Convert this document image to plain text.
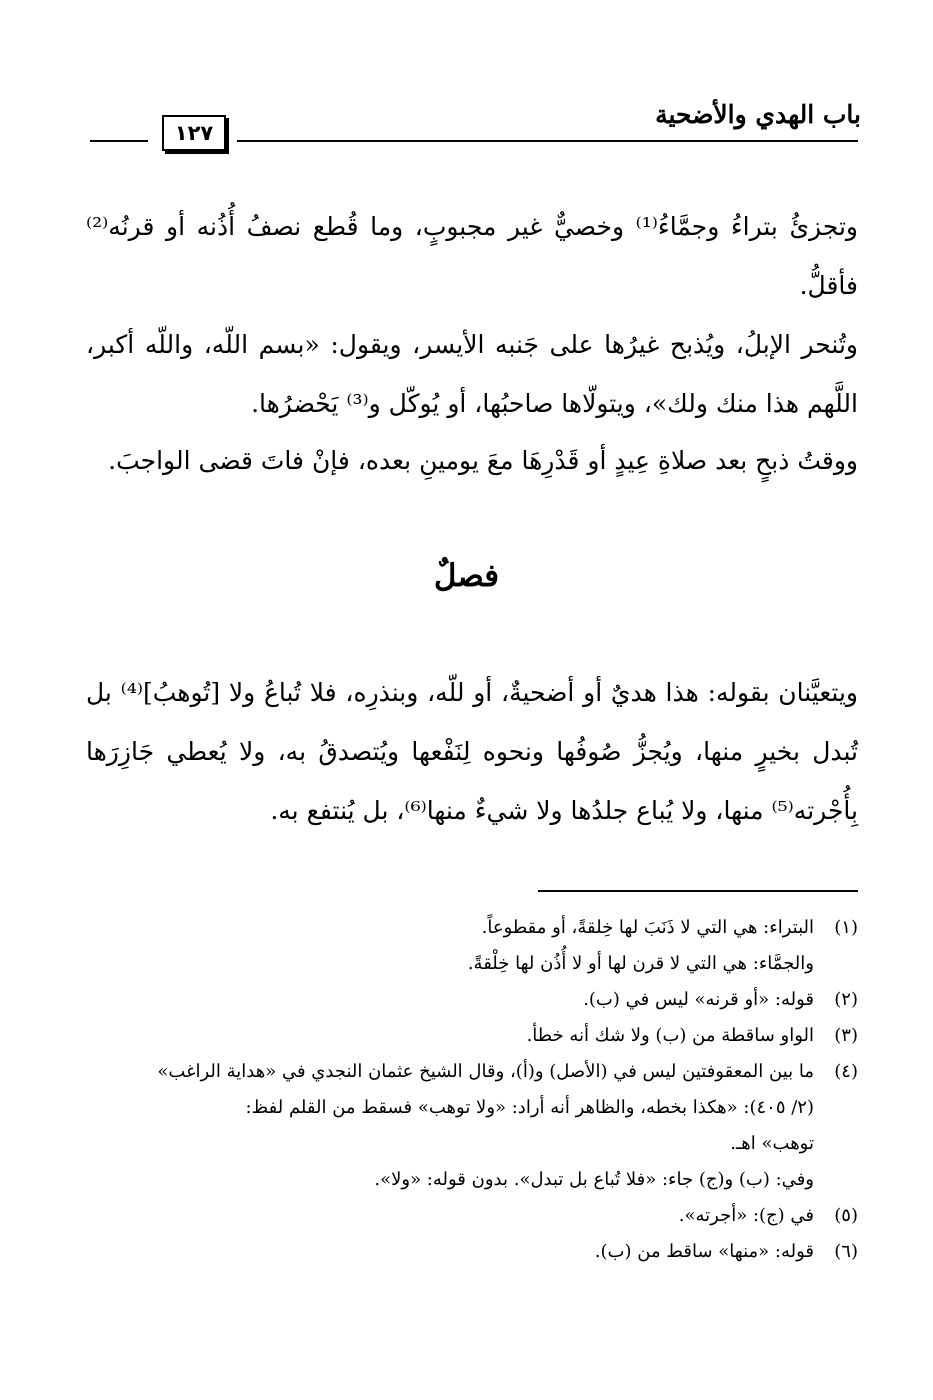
باب الهدي والأضحية
١٢٧

وتجزئُ بتراءُ وجمَّاءُ⁽¹⁾ وخصيٌّ غير مجبوبٍ، وما قُطع نصفُ أُذُنه أو قرنُه⁽²⁾ فأقلُّ.

وتُنحر الإبلُ، ويُذبح غيرُها على جَنبه الأيسر، ويقول: «بسم اللّه، واللّه أكبر، اللَّهم هذا منك ولك»، ويتولّاها صاحبُها، أو يُوكّل و⁽³⁾ يَحْضرُها.

ووقتُ ذبحٍ بعد صلاةِ عِيدٍ أو قَدْرِهَا معَ يومينِ بعده، فإنْ فاتَ قضى الواجبَ.

فصلٌ

ويتعيَّنان بقوله: هذا هديٌ أو أضحيةٌ، أو للّه، وبنذرِه، فلا تُباعُ ولا [تُوهبُ]⁽⁴⁾ بل تُبدل بخيرٍ منها، ويُجزُّ صُوفُها ونحوه لِنَفْعها ويُتصدقُ به، ولا يُعطي جَازِرَها بِأُجْرته⁽⁵⁾ منها، ولا يُباع جلدُها ولا شيءٌ منها⁽⁶⁾، بل يُنتفع به.

(١)
البتراء: هي التي لا ذَنَبَ لها خِلقةً، أو مقطوعاً.
والجمَّاء: هي التي لا قرن لها أو لا أُذُن لها خِلْقةً.
(٢)
قوله: «أو قرنه» ليس في (ب).
(٣)
الواو ساقطة من (ب) ولا شك أنه خطأ.
(٤)
ما بين المعقوفتين ليس في (الأصل) و(أ)، وقال الشيخ عثمان النجدي في «هداية الراغب»
(٢/ ٤٠٥): «هكذا بخطه، والظاهر أنه أراد: «ولا توهب» فسقط من القلم لفظ:
توهب» اهـ.
وفي: (ب) و(ج) جاء: «فلا تُباع بل تبدل». بدون قوله: «ولا».
(٥)
في (ج): «أجرته».
(٦)
قوله: «منها» ساقط من (ب).
